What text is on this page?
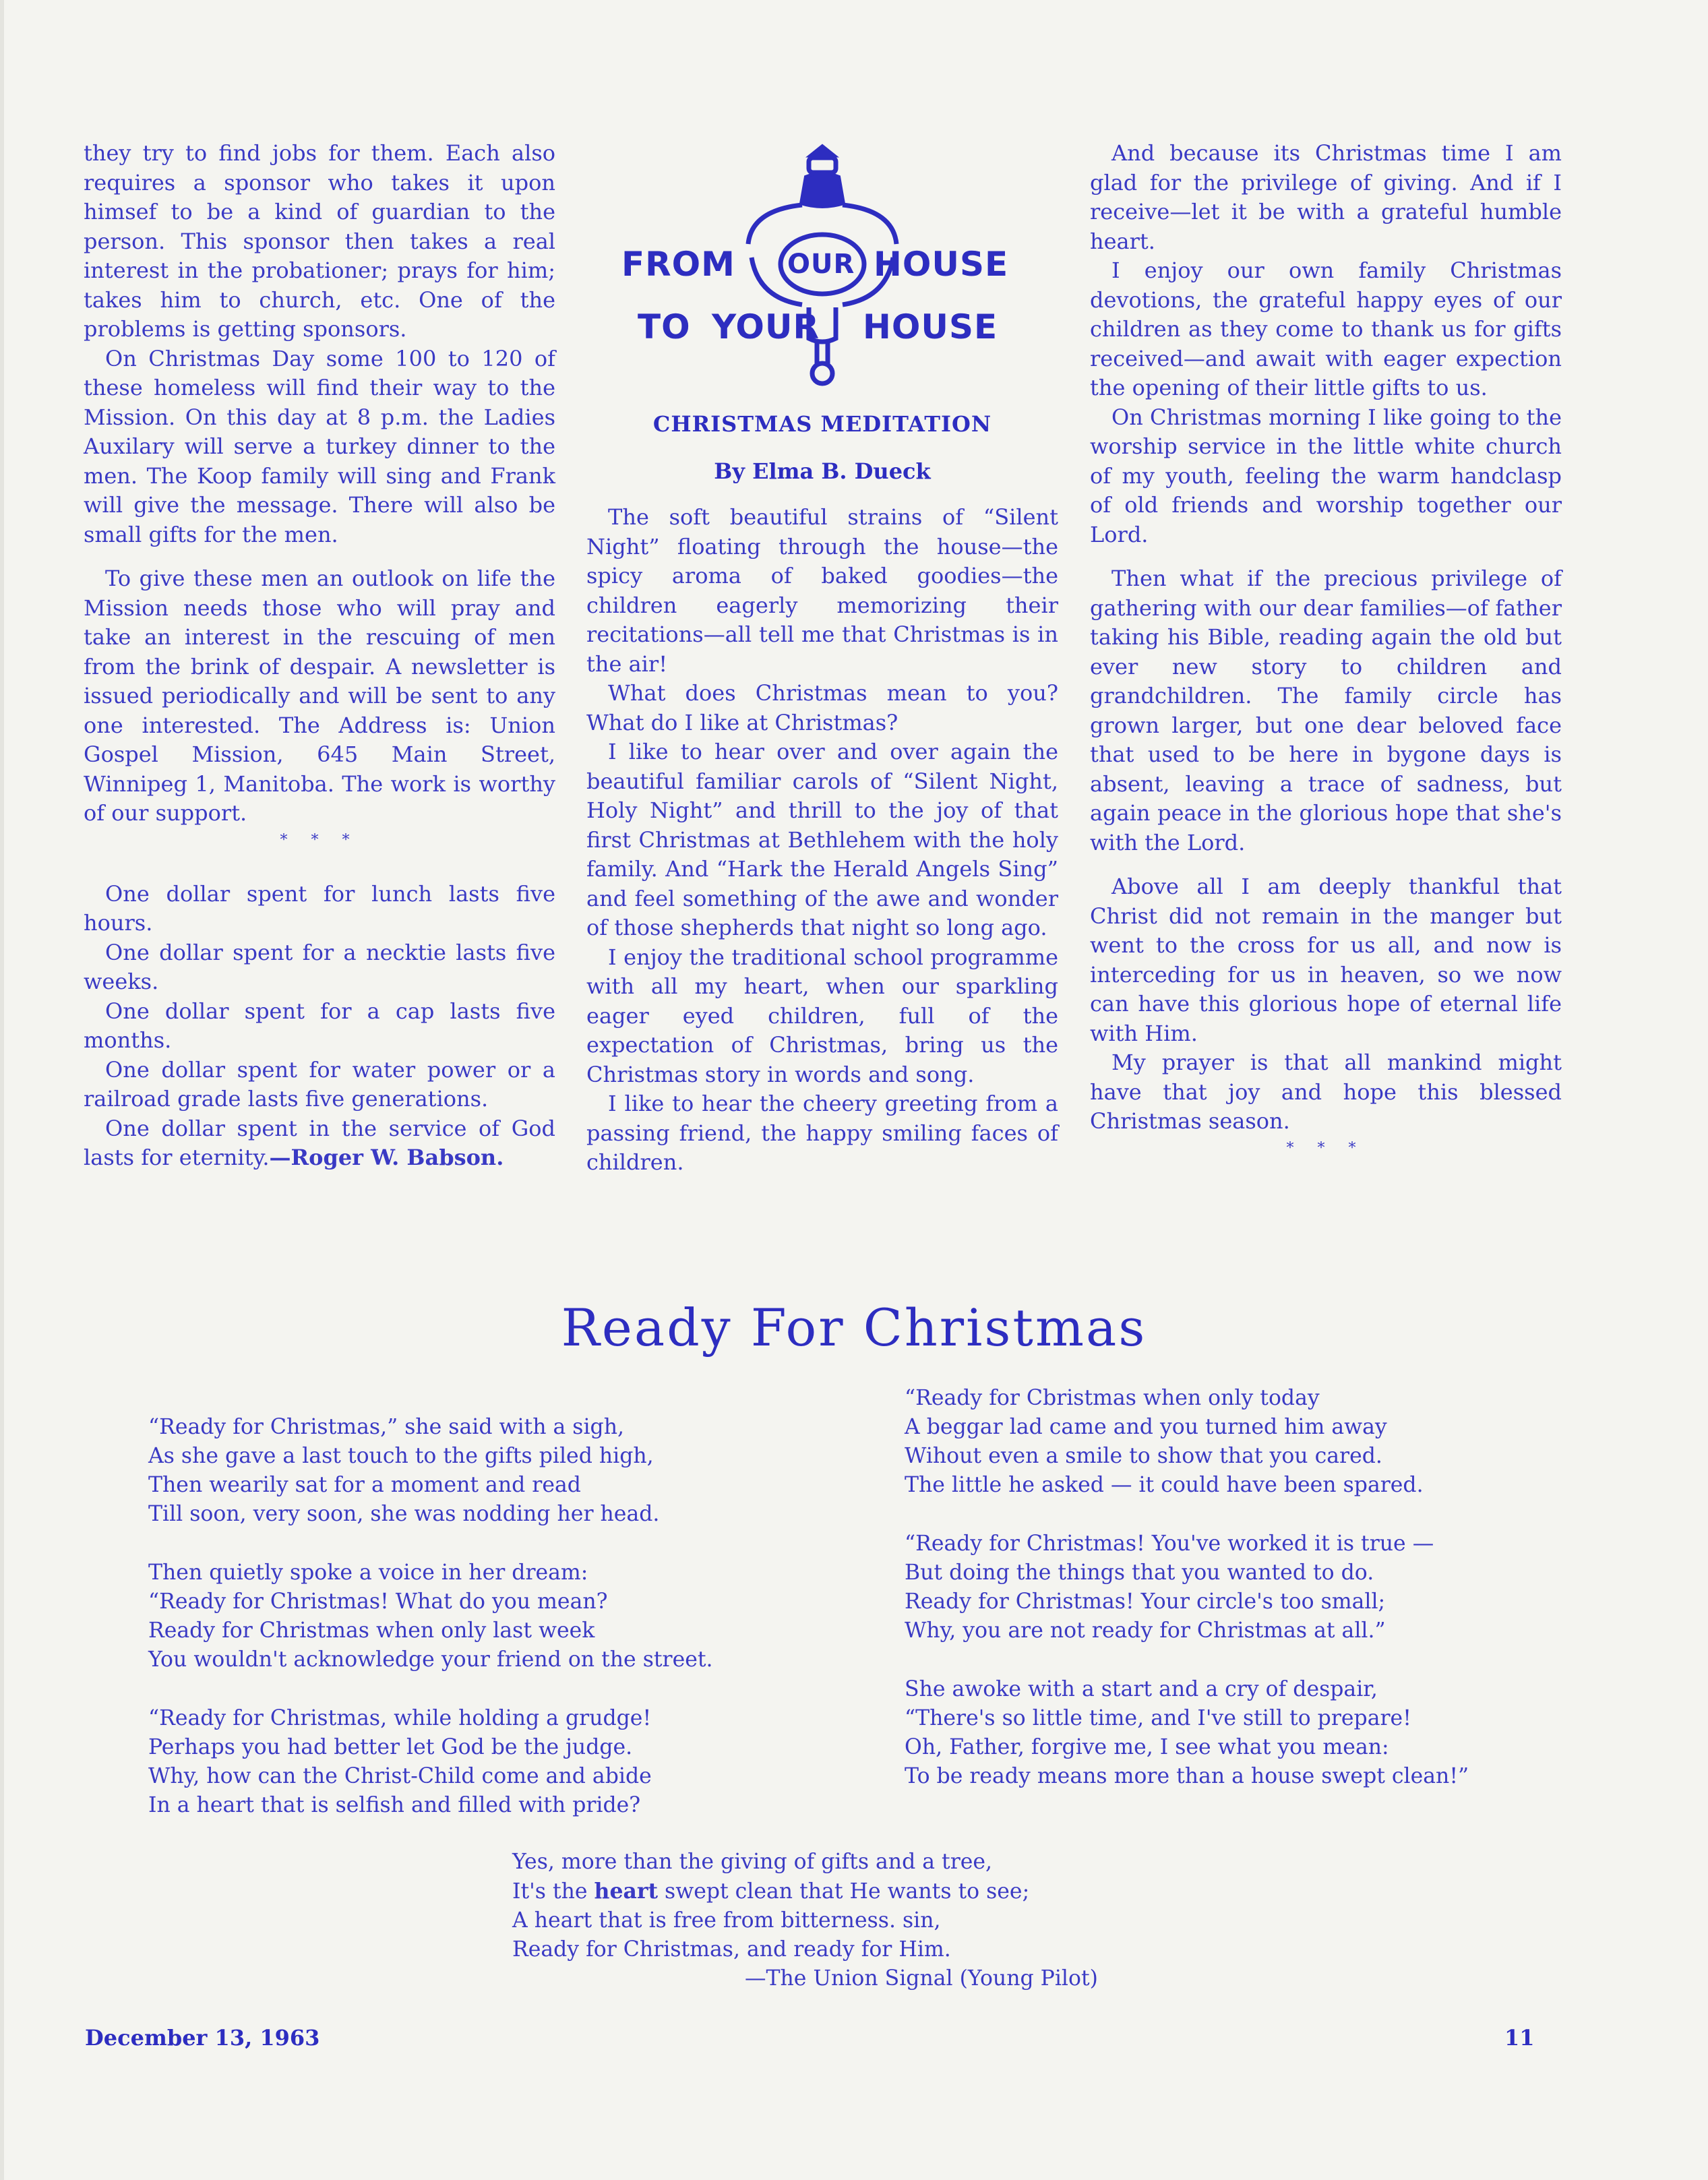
they try to find jobs for them. Each also requires a sponsor who takes it upon himsef to be a kind of guardian to the person. This sponsor then takes a real interest in the probationer; prays for him; takes him to church, etc. One of the problems is getting sponsors.

On Christmas Day some 100 to 120 of these homeless will find their way to the Mission. On this day at 8 p.m. the Ladies Auxilary will serve a turkey dinner to the men. The Koop family will sing and Frank will give the message. There will also be small gifts for the men.

To give these men an outlook on life the Mission needs those who will pray and take an interest in the rescuing of men from the brink of despair. A newsletter is issued periodically and will be sent to any one interested. The Address is: Union Gospel Mission, 645 Main Street, Winnipeg 1, Manitoba. The work is worthy of our support.

* * *

One dollar spent for lunch lasts five hours.

One dollar spent for a necktie lasts five weeks.

One dollar spent for a cap lasts five months.

One dollar spent for water power or a railroad grade lasts five generations.

One dollar spent in the service of God lasts for eternity.—Roger W. Babson.

FROM OUR HOUSE
TO YOUR HOUSE
CHRISTMAS MEDITATION
By Elma B. Dueck

The soft beautiful strains of “Silent Night” floating through the house—the spicy aroma of baked goodies—the children eagerly memorizing their recitations—all tell me that Christmas is in the air!

What does Christmas mean to you? What do I like at Christmas?

I like to hear over and over again the beautiful familiar carols of “Silent Night, Holy Night” and thrill to the joy of that first Christmas at Bethlehem with the holy family. And “Hark the Herald Angels Sing” and feel something of the awe and wonder of those shepherds that night so long ago.

I enjoy the traditional school programme with all my heart, when our sparkling eager eyed children, full of the expectation of Christmas, bring us the Christmas story in words and song.

I like to hear the cheery greeting from a passing friend, the happy smiling faces of children.

And because its Christmas time I am glad for the privilege of giving. And if I receive—let it be with a grateful humble heart.

I enjoy our own family Christmas devotions, the grateful happy eyes of our children as they come to thank us for gifts received—and await with eager expection the opening of their little gifts to us.

On Christmas morning I like going to the worship service in the little white church of my youth, feeling the warm handclasp of old friends and worship together our Lord.

Then what if the precious privilege of gathering with our dear families—of father taking his Bible, reading again the old but ever new story to children and grandchildren. The family circle has grown larger, but one dear beloved face that used to be here in bygone days is absent, leaving a trace of sadness, but again peace in the glorious hope that she's with the Lord.

Above all I am deeply thankful that Christ did not remain in the manger but went to the cross for us all, and now is interceding for us in heaven, so we now can have this glorious hope of eternal life with Him.

My prayer is that all mankind might have that joy and hope this blessed Christmas season.

* * *
Ready For Christmas
“Ready for Christmas,” she said with a sigh,
As she gave a last touch to the gifts piled high,
Then wearily sat for a moment and read
Till soon, very soon, she was nodding her head.
Then quietly spoke a voice in her dream:
“Ready for Christmas! What do you mean?
Ready for Christmas when only last week
You wouldn't acknowledge your friend on the street.
“Ready for Christmas, while holding a grudge!
Perhaps you had better let God be the judge.
Why, how can the Christ-Child come and abide
In a heart that is selfish and filled with pride?
“Ready for Cbristmas when only today
A beggar lad came and you turned him away
Wihout even a smile to show that you cared.
The little he asked — it could have been spared.
“Ready for Christmas! You've worked it is true —
But doing the things that you wanted to do.
Ready for Christmas! Your circle's too small;
Why, you are not ready for Christmas at all.”
She awoke with a start and a cry of despair,
“There's so little time, and I've still to prepare!
Oh, Father, forgive me, I see what you mean:
To be ready means more than a house swept clean!”
Yes, more than the giving of gifts and a tree,
It's the heart swept clean that He wants to see;
A heart that is free from bitterness. sin,
Ready for Christmas, and ready for Him.
—The Union Signal (Young Pilot)
December 13, 1963	11
